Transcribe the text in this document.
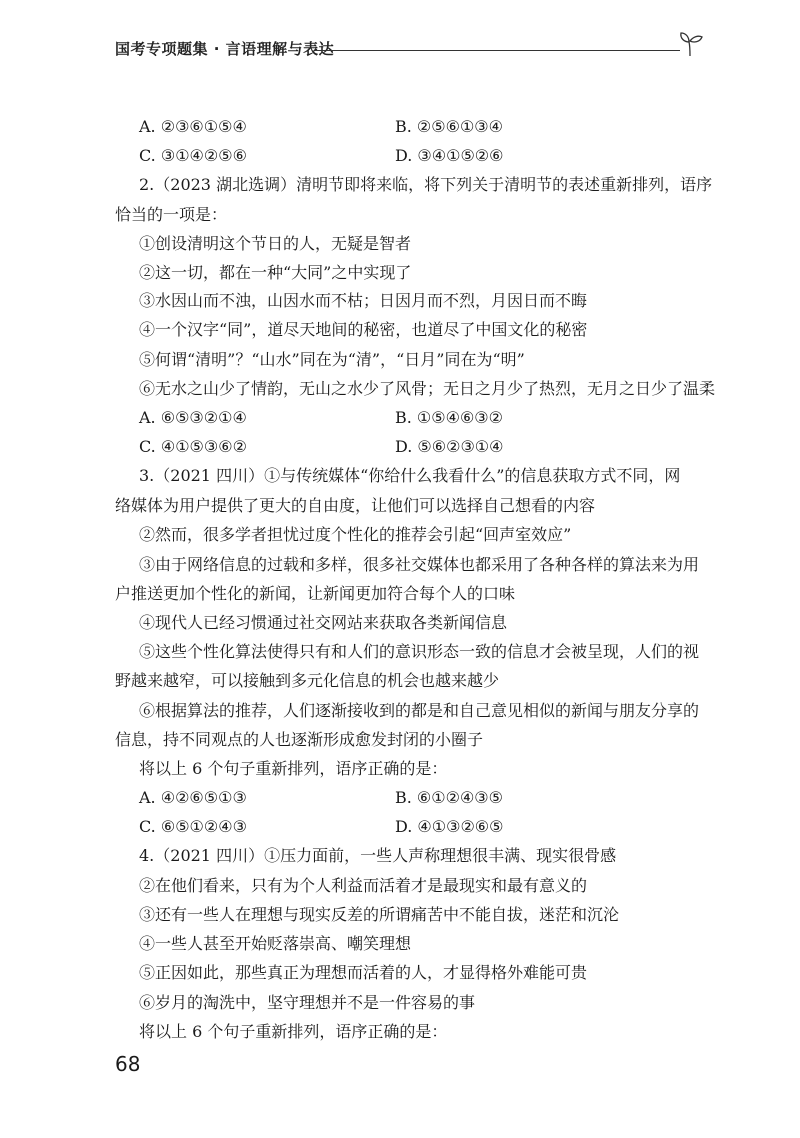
国考专项题集 · 言语理解与表达
A. ②③⑥①⑤④	B. ②⑤⑥①③④
C. ③①④②⑤⑥	D. ③④①⑤②⑥
2.（2023 湖北选调）清明节即将来临，将下列关于清明节的表述重新排列，语序
恰当的一项是：
①创设清明这个节日的人，无疑是智者
②这一切，都在一种“大同”之中实现了
③水因山而不浊，山因水而不枯；日因月而不烈，月因日而不晦
④一个汉字“同”，道尽天地间的秘密，也道尽了中国文化的秘密
⑤何谓“清明”？“山水”同在为“清”，“日月”同在为“明”
⑥无水之山少了情韵，无山之水少了风骨；无日之月少了热烈，无月之日少了温柔
A. ⑥⑤③②①④	B. ①⑤④⑥③②
C. ④①⑤③⑥②	D. ⑤⑥②③①④
3.（2021 四川）①与传统媒体“你给什么我看什么”的信息获取方式不同，网
络媒体为用户提供了更大的自由度，让他们可以选择自己想看的内容
②然而，很多学者担忧过度个性化的推荐会引起“回声室效应”
③由于网络信息的过载和多样，很多社交媒体也都采用了各种各样的算法来为用
户推送更加个性化的新闻，让新闻更加符合每个人的口味
④现代人已经习惯通过社交网站来获取各类新闻信息
⑤这些个性化算法使得只有和人们的意识形态一致的信息才会被呈现，人们的视
野越来越窄，可以接触到多元化信息的机会也越来越少
⑥根据算法的推荐，人们逐渐接收到的都是和自己意见相似的新闻与朋友分享的
信息，持不同观点的人也逐渐形成愈发封闭的小圈子
将以上 6 个句子重新排列，语序正确的是：
A. ④②⑥⑤①③	B. ⑥①②④③⑤
C. ⑥⑤①②④③	D. ④①③②⑥⑤
4.（2021 四川）①压力面前，一些人声称理想很丰满、现实很骨感
②在他们看来，只有为个人利益而活着才是最现实和最有意义的
③还有一些人在理想与现实反差的所谓痛苦中不能自拔，迷茫和沉沦
④一些人甚至开始贬落崇高、嘲笑理想
⑤正因如此，那些真正为理想而活着的人，才显得格外难能可贵
⑥岁月的淘洗中，坚守理想并不是一件容易的事
将以上 6 个句子重新排列，语序正确的是：
68
